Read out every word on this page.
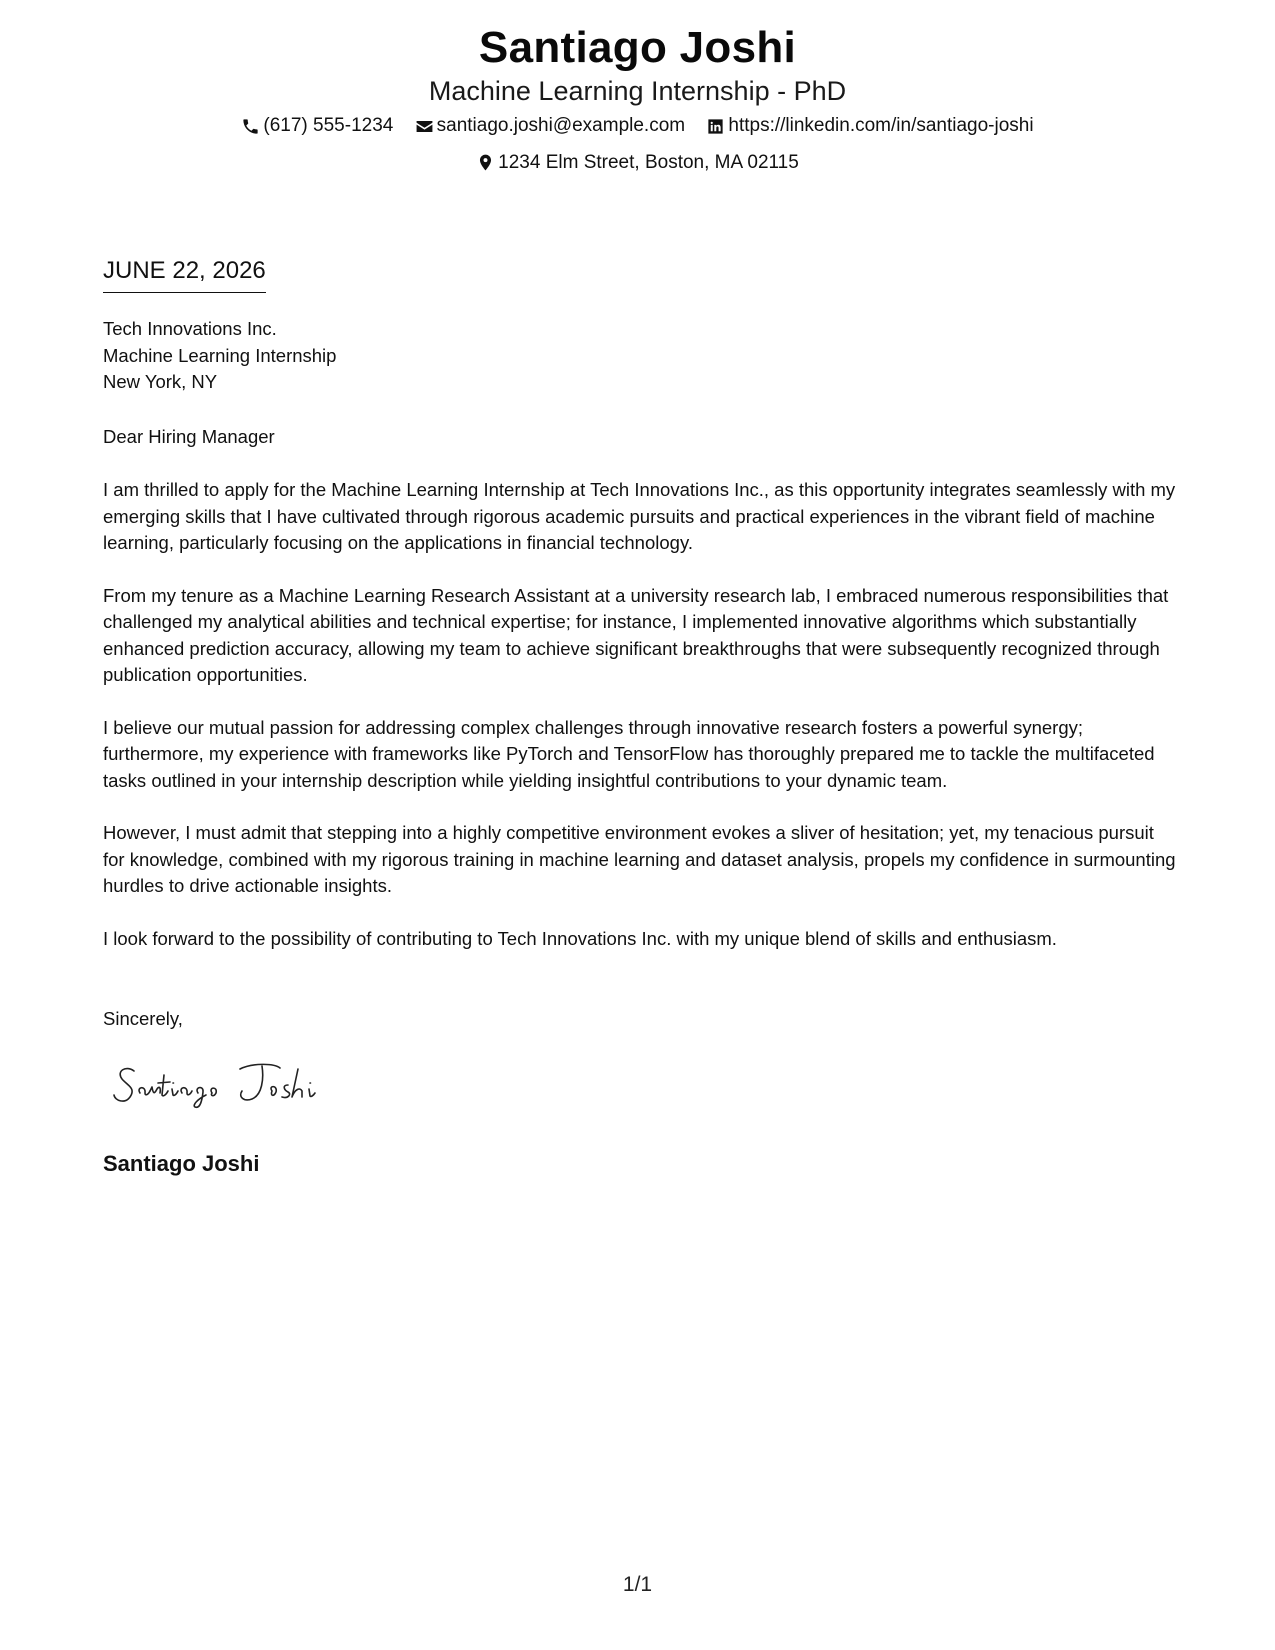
Santiago Joshi
Machine Learning Internship - PhD
(617) 555-1234
santiago.joshi@example.com
https://linkedin.com/in/santiago-joshi
1234 Elm Street, Boston, MA 02115
JUNE 22, 2026
Tech Innovations Inc.
Machine Learning Internship
New York, NY
Dear Hiring Manager

I am thrilled to apply for the Machine Learning Internship at Tech Innovations Inc., as this opportunity integrates seamlessly with my emerging skills that I have cultivated through rigorous academic pursuits and practical experiences in the vibrant field of machine learning, particularly focusing on the applications in financial technology.

From my tenure as a Machine Learning Research Assistant at a university research lab, I embraced numerous responsibilities that challenged my analytical abilities and technical expertise; for instance, I implemented innovative algorithms which substantially enhanced prediction accuracy, allowing my team to achieve significant breakthroughs that were subsequently recognized through publication opportunities.

I believe our mutual passion for addressing complex challenges through innovative research fosters a powerful synergy; furthermore, my experience with frameworks like PyTorch and TensorFlow has thoroughly prepared me to tackle the multifaceted tasks outlined in your internship description while yielding insightful contributions to your dynamic team.

However, I must admit that stepping into a highly competitive environment evokes a sliver of hesitation; yet, my tenacious pursuit for knowledge, combined with my rigorous training in machine learning and dataset analysis, propels my confidence in surmounting hurdles to drive actionable insights.

I look forward to the possibility of contributing to Tech Innovations Inc. with my unique blend of skills and enthusiasm.

Sincerely,
Santiago Joshi
1/1
